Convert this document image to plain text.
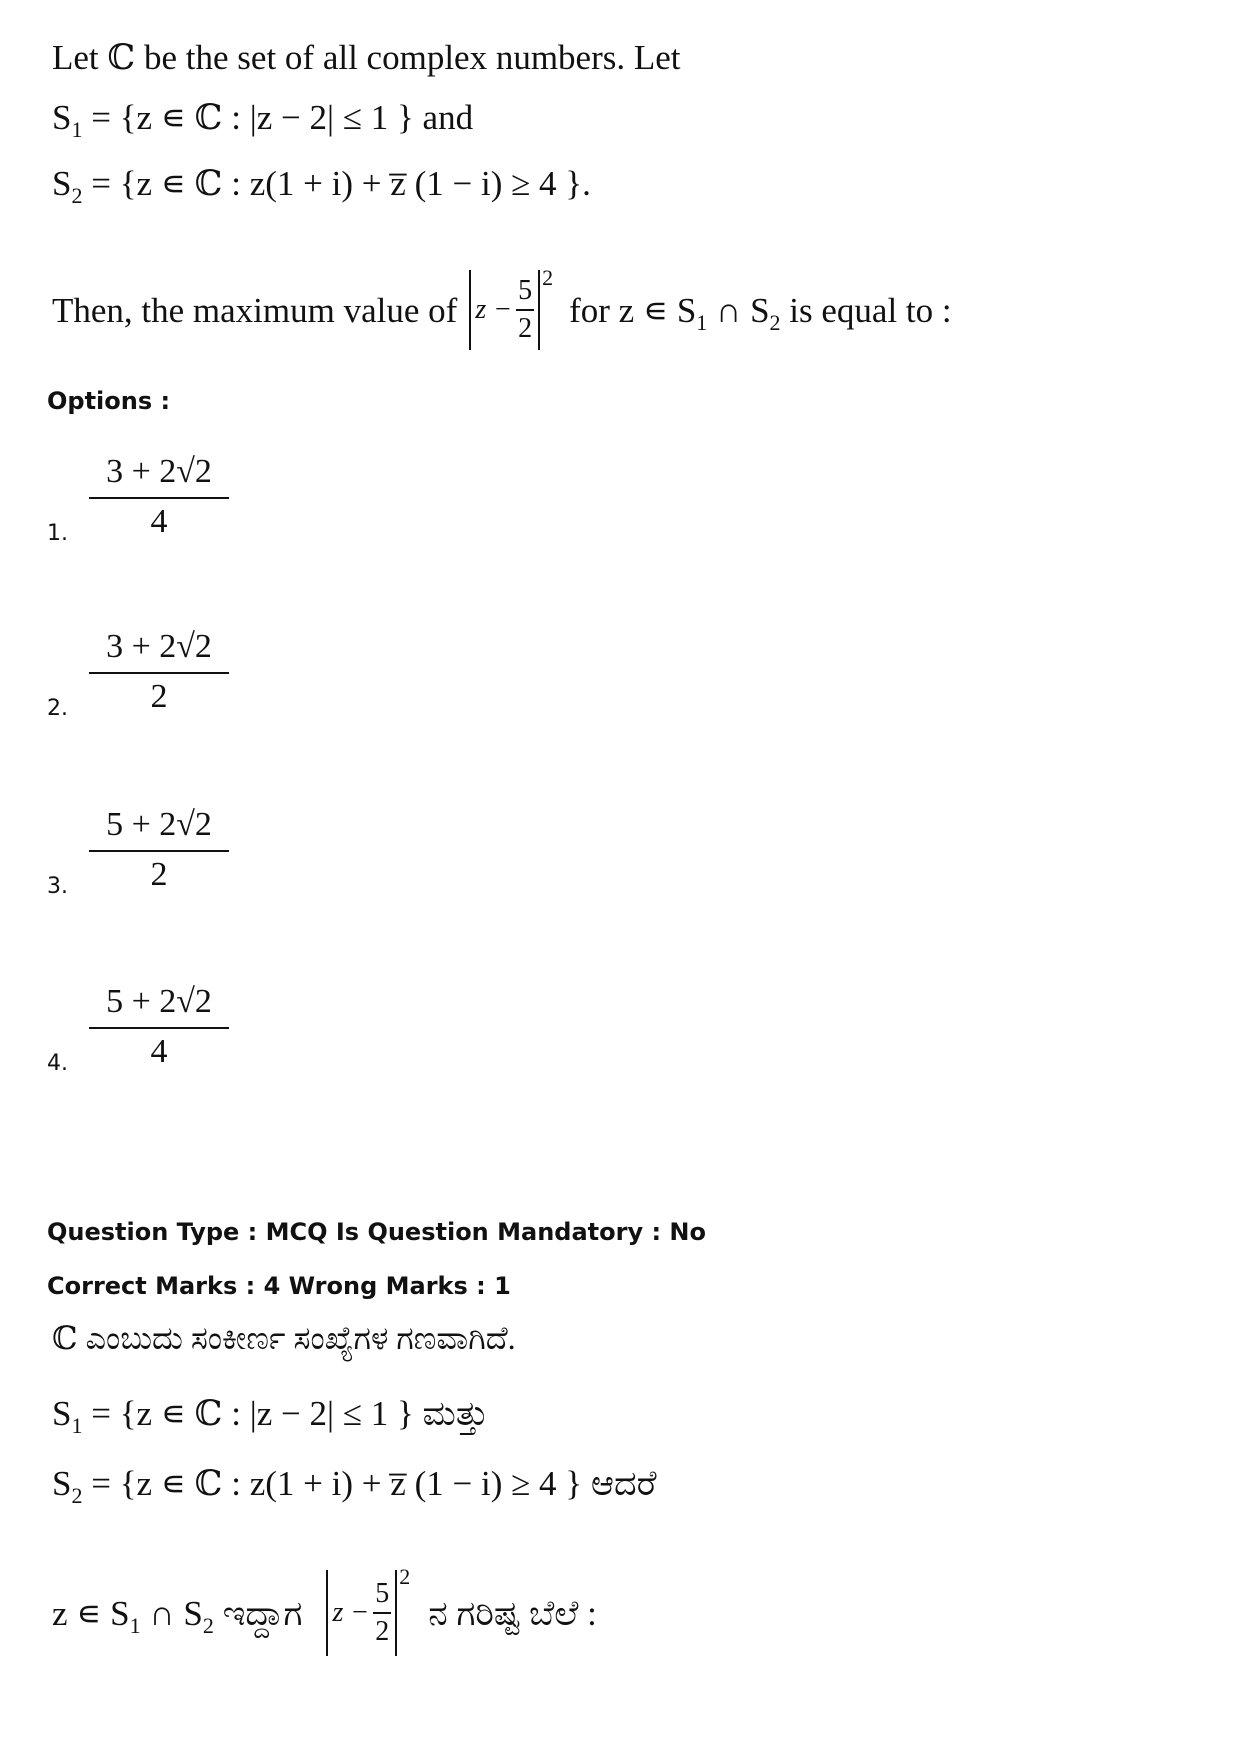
Let ℂ be the set of all complex numbers. Let
$S_1 = \{z$ ∊ ℂ : |z − 2| ≤ 1 } and
$S_2 = \{z$ ∊ ℂ : z(1 + i) + z̅ (1 − i) ≥ 4 }.
Then, the maximum value of $z - \frac{5}{2} 2$
for z ∊ $S_1$ ∩ $S_2$ is equal to :
Options :
1.
3 + 2√2
4
2.
3 + 2√2
2
3.
5 + 2√2
2
4.
5 + 2√2
4
Question Type : MCQ Is Question Mandatory : No
Correct Marks : 4 Wrong Marks : 1
ℂ ಎಂಬುದು ಸಂಕೀರ್ಣ ಸಂಖ್ಯೆಗಳ ಗಣವಾಗಿದೆ.
$S_1 = \{z$ ∊ ℂ : |z − 2| ≤ 1 } ಮತ್ತು
$S_2 = \{z$ ∊ ℂ : z(1 + i) + z̅ (1 − i) ≥ 4 } ಆದರೆ
z ∊ $S_1$ ∩ $S_2$ ಇದ್ದಾಗ $z - \frac{5}{2}$
2
ನ ಗರಿಷ್ಟ ಬೆಲೆ :
